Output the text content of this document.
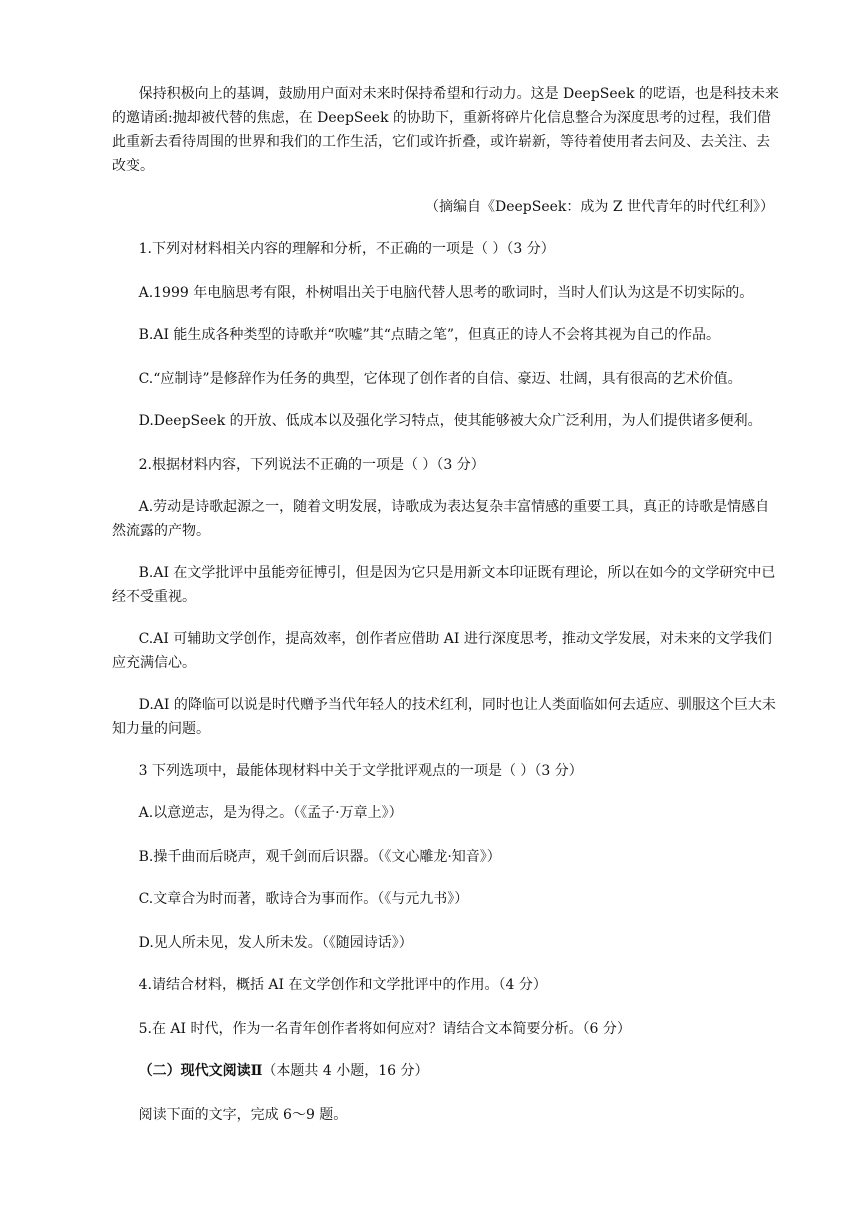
保持积极向上的基调，鼓励用户面对未来时保持希望和行动力。这是 DeepSeek 的呓语，也是科技未来的邀请函:抛却被代替的焦虑，在 DeepSeek 的协助下，重新将碎片化信息整合为深度思考的过程，我们借此重新去看待周围的世界和我们的工作生活，它们或许折叠，或许崭新，等待着使用者去问及、去关注、去改变。

（摘编自《DeepSeek：成为 Z 世代青年的时代红利》）

1.下列对材料相关内容的理解和分析，不正确的一项是（ ）（3 分）

A.1999 年电脑思考有限，朴树唱出关于电脑代替人思考的歌词时，当时人们认为这是不切实际的。

B.AI 能生成各种类型的诗歌并“吹嘘”其“点睛之笔”，但真正的诗人不会将其视为自己的作品。

C.“应制诗”是修辞作为任务的典型，它体现了创作者的自信、豪迈、壮阔，具有很高的艺术价值。

D.DeepSeek 的开放、低成本以及强化学习特点，使其能够被大众广泛利用，为人们提供诸多便利。

2.根据材料内容，下列说法不正确的一项是（ ）（3 分）

A.劳动是诗歌起源之一，随着文明发展，诗歌成为表达复杂丰富情感的重要工具，真正的诗歌是情感自然流露的产物。

B.AI 在文学批评中虽能旁征博引，但是因为它只是用新文本印证既有理论，所以在如今的文学研究中已经不受重视。

C.AI 可辅助文学创作，提高效率，创作者应借助 AI 进行深度思考，推动文学发展，对未来的文学我们应充满信心。

D.AI 的降临可以说是时代赠予当代年轻人的技术红利，同时也让人类面临如何去适应、驯服这个巨大未知力量的问题。

3 下列选项中，最能体现材料中关于文学批评观点的一项是（ ）（3 分）

A.以意逆志，是为得之。（《孟子·万章上》）

B.操千曲而后晓声，观千剑而后识器。（《文心雕龙·知音》）

C.文章合为时而著，歌诗合为事而作。（《与元九书》）

D.见人所未见，发人所未发。（《随园诗话》）

4.请结合材料，概括 AI 在文学创作和文学批评中的作用。（4 分）

5.在 AI 时代，作为一名青年创作者将如何应对？请结合文本简要分析。（6 分）

（二）现代文阅读Ⅱ（本题共 4 小题，16 分）

阅读下面的文字，完成 6～9 题。
